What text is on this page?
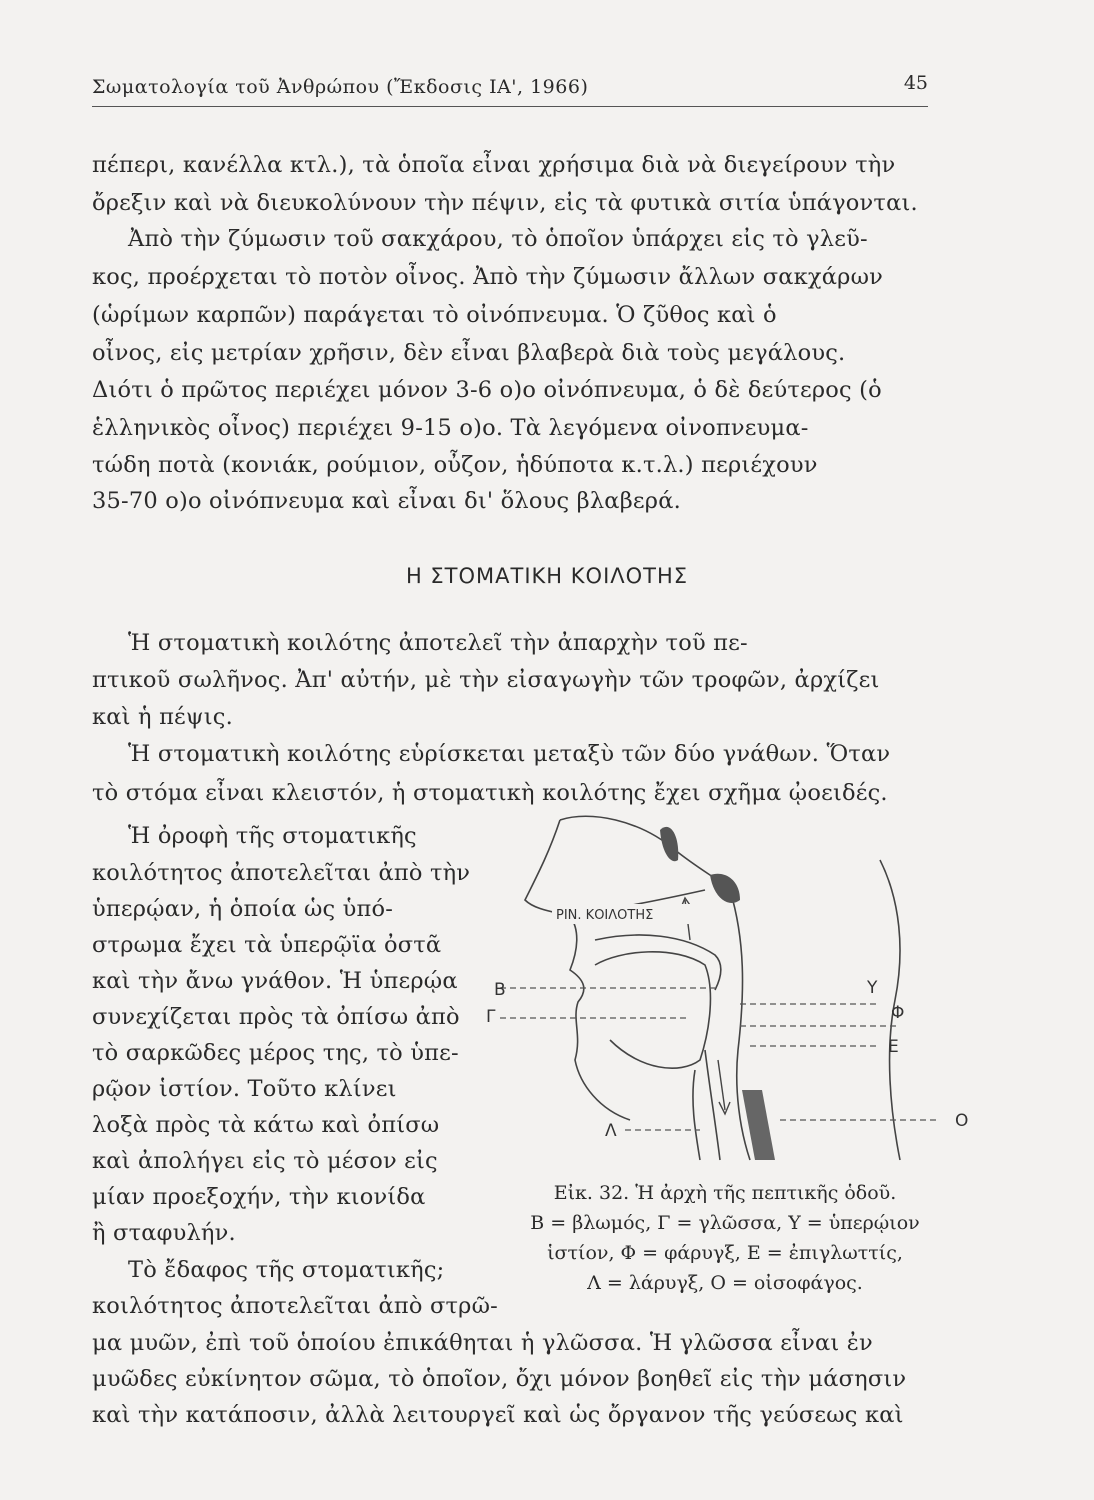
Σωματολογία τοῦ Ἀνθρώπου (Ἔκδοσις ΙΑ', 1966)	45
πέπερι, κανέλλα κτλ.), τὰ ὁποῖα εἶναι χρήσιμα διὰ νὰ διεγείρουν τὴν
ὄρεξιν καὶ νὰ διευκολύνουν τὴν πέψιν, εἰς τὰ φυτικὰ σιτία ὑπάγονται.
Ἀπὸ τὴν ζύμωσιν τοῦ σακχάρου, τὸ ὁποῖον ὑπάρχει εἰς τὸ γλεῦ-
κος, προέρχεται τὸ ποτὸν οἶνος. Ἀπὸ τὴν ζύμωσιν ἄλλων σακχάρων
(ὡρίμων καρπῶν) παράγεται τὸ οἰνόπνευμα. Ὁ ζῦθος καὶ ὁ
οἶνος, εἰς μετρίαν χρῆσιν, δὲν εἶναι βλαβερὰ διὰ τοὺς μεγάλους.
Διότι ὁ πρῶτος περιέχει μόνον 3-6 ο)ο οἰνόπνευμα, ὁ δὲ δεύτερος (ὁ
ἑλληνικὸς οἶνος) περιέχει 9-15 ο)ο. Τὰ λεγόμενα οἰνοπνευμα-
τώδη ποτὰ (κονιάκ, ρούμιον, οὖζον, ἡδύποτα κ.τ.λ.) περιέχουν
35-70 ο)ο οἰνόπνευμα καὶ εἶναι δι' ὅλους βλαβερά.
Η ΣΤΟΜΑΤΙΚΗ ΚΟΙΛΟΤΗΣ
Ἡ στοματικὴ κοιλότης ἀποτελεῖ τὴν ἀπαρχὴν τοῦ πε-
πτικοῦ σωλῆνος. Ἀπ' αὐτήν, μὲ τὴν εἰσαγωγὴν τῶν τροφῶν, ἀρχίζει
καὶ ἡ πέψις.
Ἡ στοματικὴ κοιλότης εὑρίσκεται μεταξὺ τῶν δύο γνάθων. Ὅταν
τὸ στόμα εἶναι κλειστόν, ἡ στοματικὴ κοιλότης ἔχει σχῆμα ᾠοειδές.
Ἡ ὀροφὴ τῆς στοματικῆς
κοιλότητος ἀποτελεῖται ἀπὸ τὴν
ὑπερῴαν, ἡ ὁποία ὡς ὑπό-
στρωμα ἔχει τὰ ὑπερῷϊα ὀστᾶ
καὶ τὴν ἄνω γνάθον. Ἡ ὑπερῴα
συνεχίζεται πρὸς τὰ ὀπίσω ἀπὸ
τὸ σαρκῶδες μέρος της, τὸ ὑπε-
ρῷον ἱστίον. Τοῦτο κλίνει
λοξὰ πρὸς τὰ κάτω καὶ ὀπίσω
καὶ ἀπολήγει εἰς τὸ μέσον εἰς
μίαν προεξοχήν, τὴν κιονίδα
ἢ σταφυλήν.
Τὸ ἔδαφος τῆς στοματικῆς;
κοιλότητος ἀποτελεῖται ἀπὸ στρῶ-
ΡΙΝ. ΚΟΙΛΟΤΗΣ
Β
Γ
Υ
Φ
Ε
Λ	Ο
Εἰκ. 32. Ἡ ἀρχὴ τῆς πεπτικῆς ὁδοῦ.
Β = βλωμός, Γ = γλῶσσα, Υ = ὑπερῴιον
ἱστίον, Φ = φάρυγξ, Ε = ἐπιγλωττίς,
Λ = λάρυγξ, Ο = οἰσοφάγος.
μα μυῶν, ἐπὶ τοῦ ὁποίου ἐπικάθηται ἡ γλῶσσα. Ἡ γλῶσσα εἶναι ἐν
μυῶδες εὐκίνητον σῶμα, τὸ ὁποῖον, ὄχι μόνον βοηθεῖ εἰς τὴν μάσησιν
καὶ τὴν κατάποσιν, ἀλλὰ λειτουργεῖ καὶ ὡς ὄργανον τῆς γεύσεως καὶ
